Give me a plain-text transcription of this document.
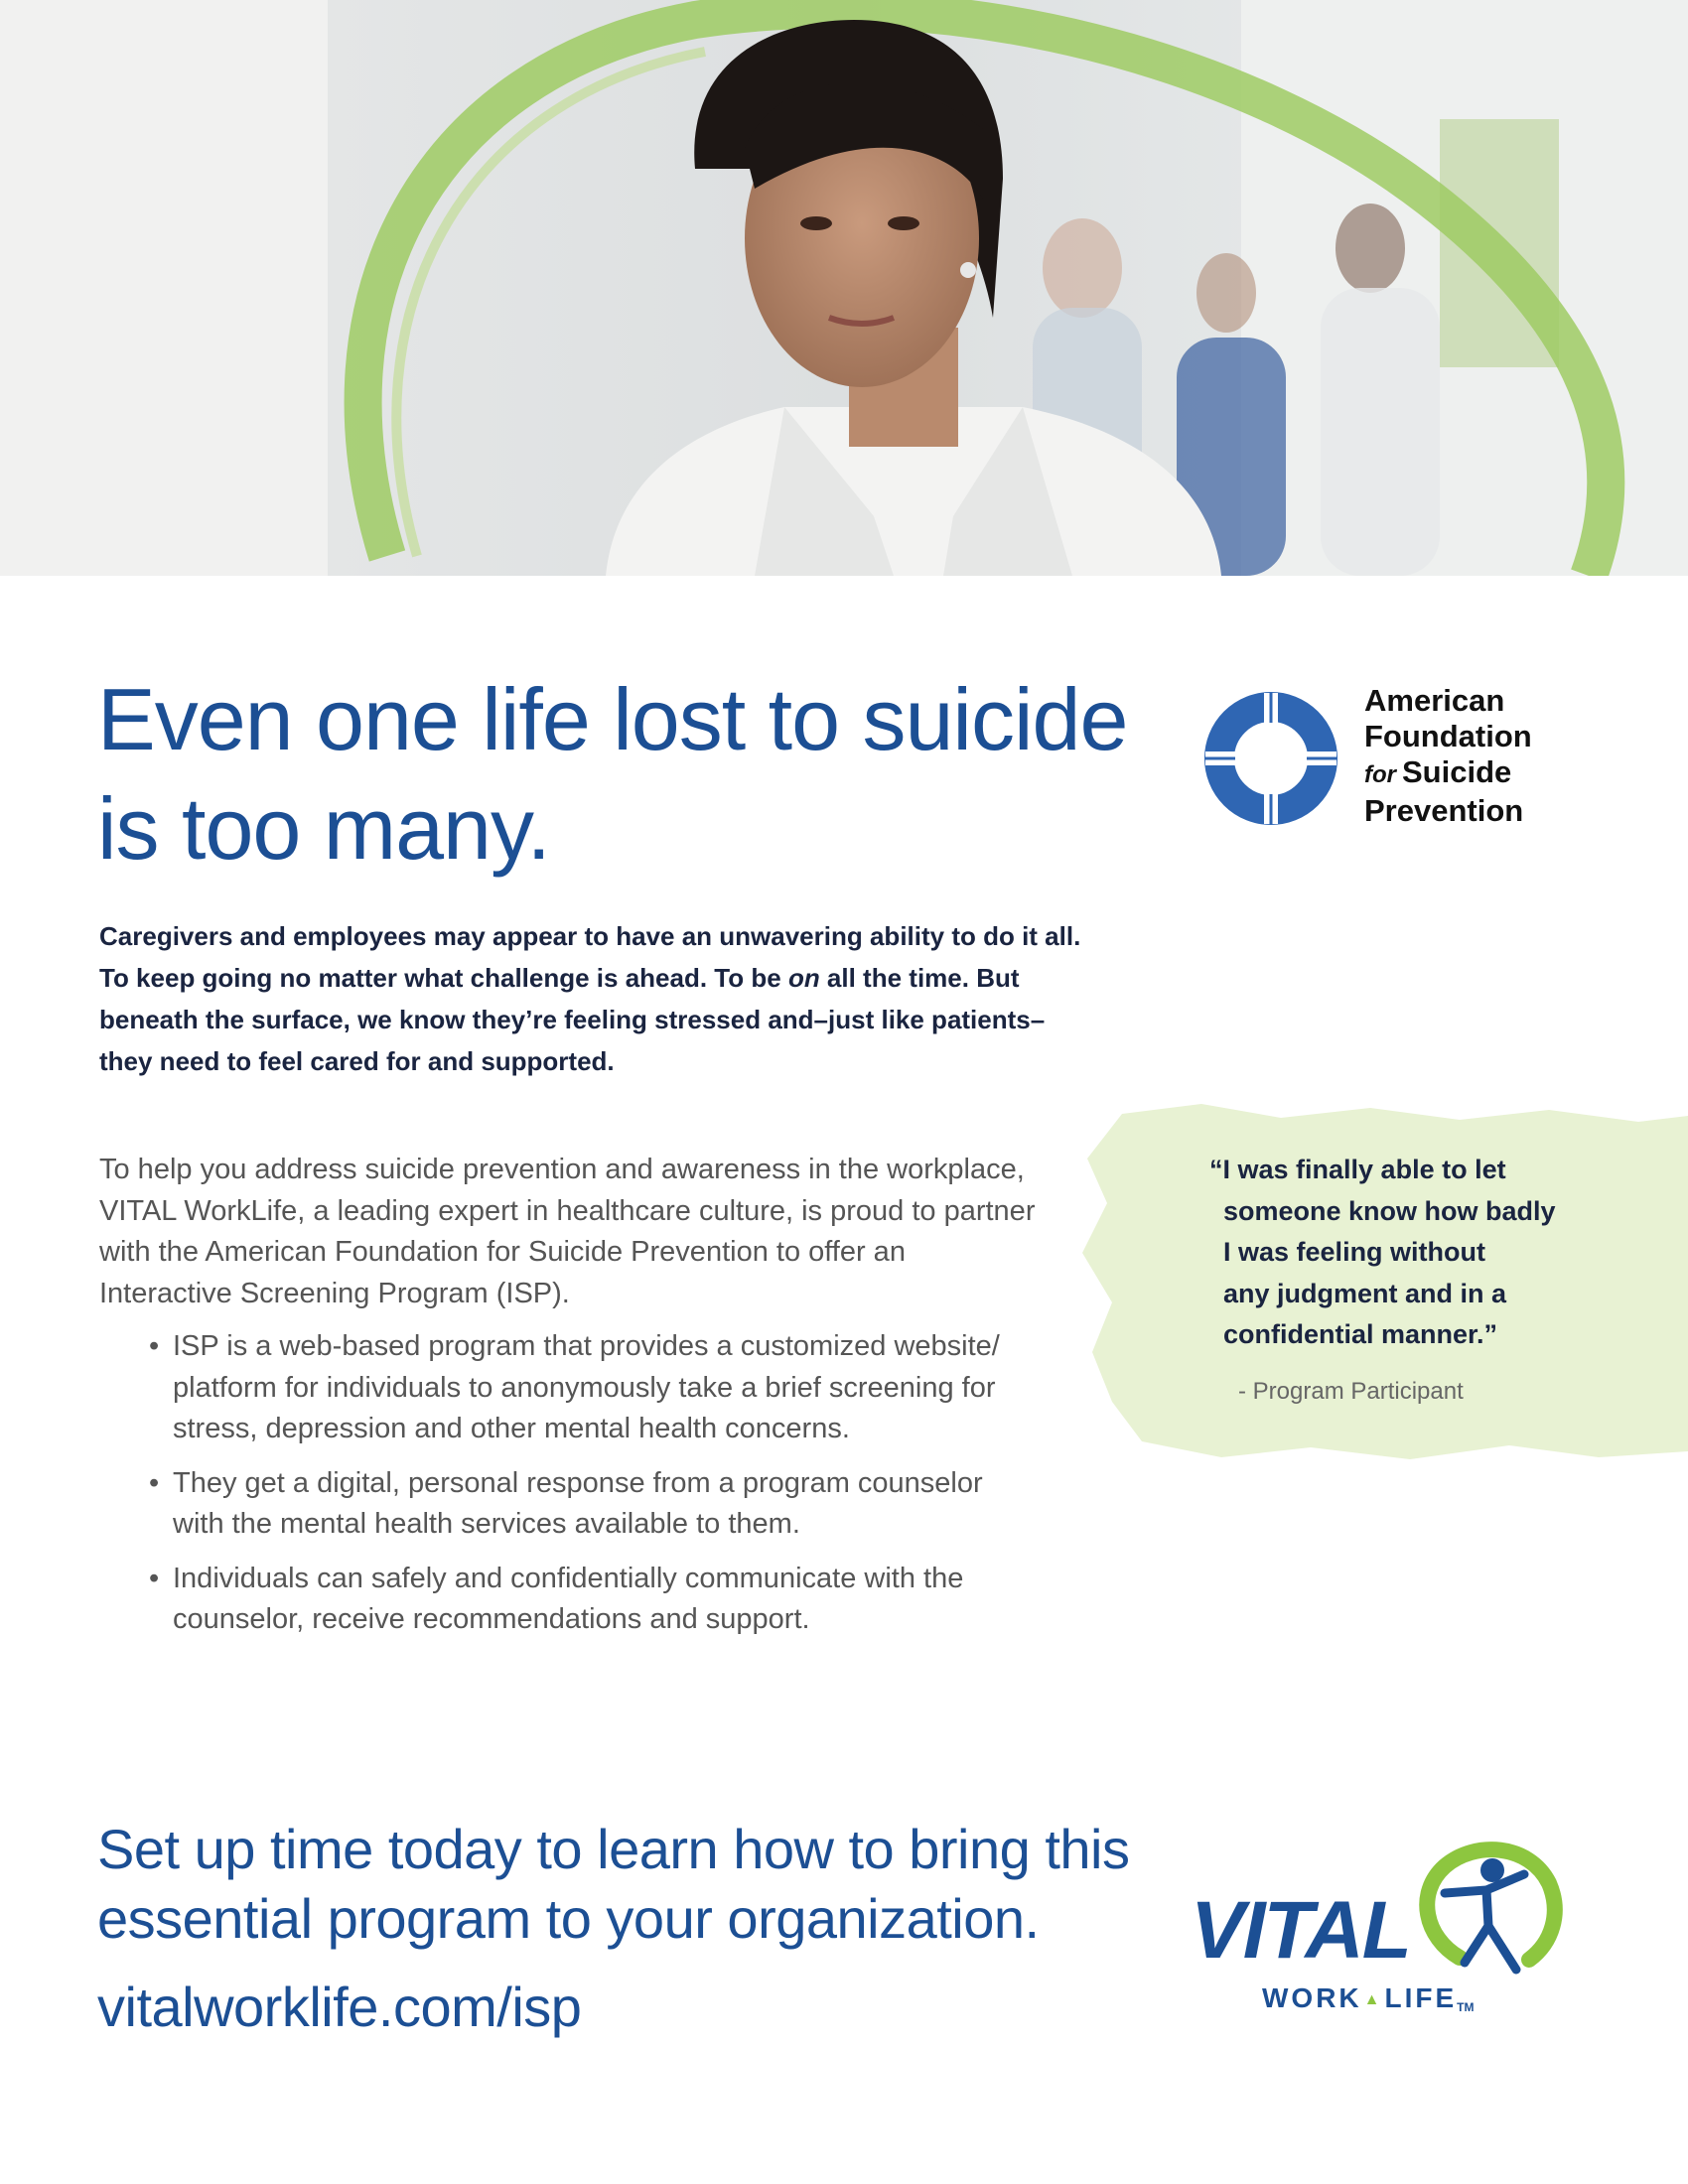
Even one life lost to suicide
is too many.
American
Foundation
for Suicide
Prevention
Caregivers and employees may appear to have an unwavering ability to do it all.
To keep going no matter what challenge is ahead. To be on all the time. But
beneath the surface, we know they’re feeling stressed and–just like patients–
they need to feel cared for and supported.
To help you address suicide prevention and awareness in the workplace,
VITAL WorkLife, a leading expert in healthcare culture, is proud to partner
with the American Foundation for Suicide Prevention to offer an
Interactive Screening Program (ISP).
• ISP is a web-based program that provides a customized website/
platform for individuals to anonymously take a brief screening for
stress, depression and other mental health concerns.
• They get a digital, personal response from a program counselor
with the mental health services available to them.
• Individuals can safely and confidentially communicate with the
counselor, receive recommendations and support.
“I was finally able to let
someone know how badly
I was feeling without
any judgment and in a
confidential manner.”
- Program Participant
Set up time today to learn how to bring this
essential program to your organization.
vitalworklife.com/isp
VITAL
WORK ▲LIFETM
